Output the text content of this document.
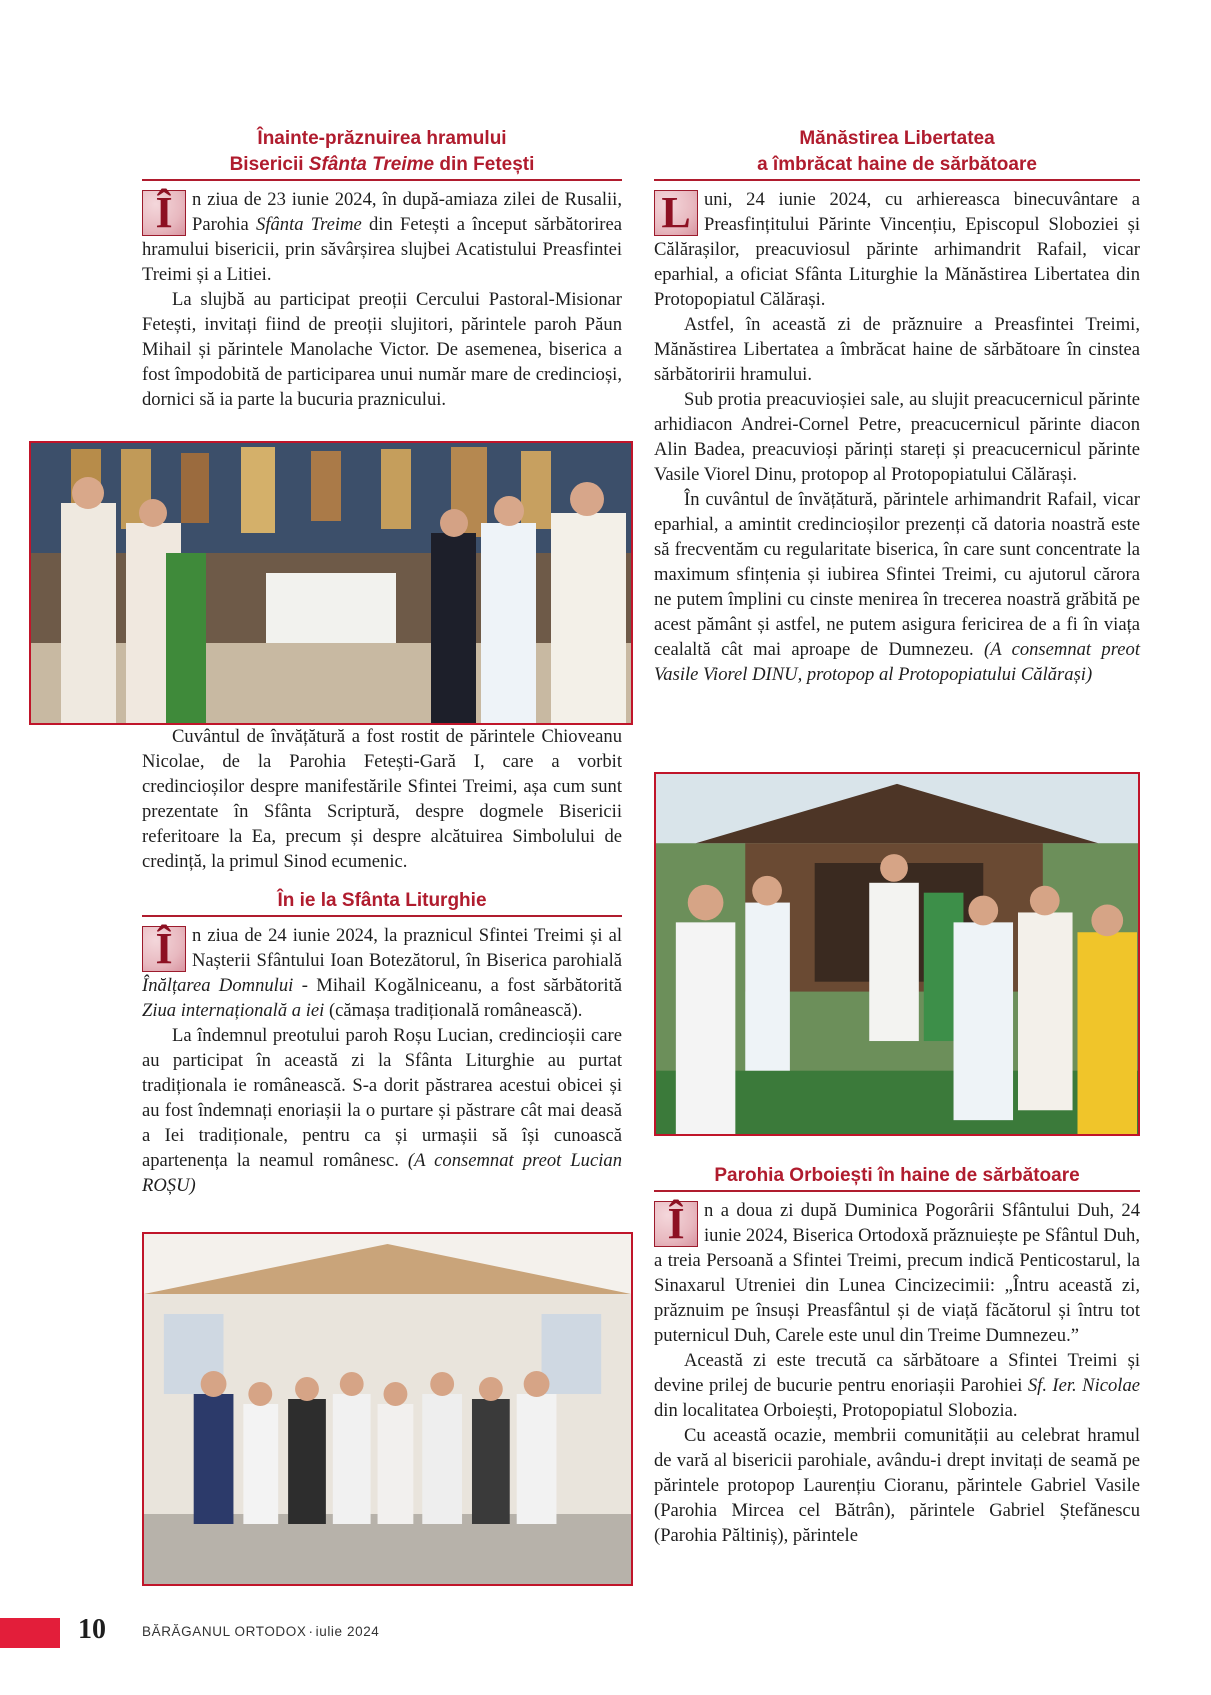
Înainte-prăznuirea hramului
Bisericii Sfânta Treime din Fetești

Î	n ziua de 23 iunie 2024, în după-amiaza zilei de Rusalii, Parohia Sfânta Treime din Fetești a început sărbătorirea hramului bisericii, prin săvârșirea slujbei Acatistului Preasfintei Treimi și a Litiei.

La slujbă au participat preoții Cercului Pastoral-Misionar Fetești, invitați fiind de preoții slujitori, părintele paroh Păun Mihail și părintele Manolache Victor. De asemenea, biserica a fost împodobită de participarea unui număr mare de credincioși, dornici să ia parte la bucuria praznicului.

Cuvântul de învățătură a fost rostit de părintele Chioveanu Nicolae, de la Parohia Fetești-Gară I, care a vorbit credincioșilor despre manifestările Sfintei Treimi, așa cum sunt prezentate în Sfânta Scriptură, despre dogmele Bisericii referitoare la Ea, precum și despre alcătuirea Simbolului de credință, la primul Sinod ecumenic.

În ie la Sfânta Liturghie

Î	n ziua de 24 iunie 2024, la praznicul Sfintei Treimi și al Nașterii Sfântului Ioan Botezătorul, în Biserica parohială Înălțarea Domnului - Mihail Kogălniceanu, a fost sărbătorită Ziua internațională a iei (cămașa tradițională românească).

La îndemnul preotului paroh Roșu Lucian, credincioșii care au participat în această zi la Sfânta Liturghie au purtat tradiționala ie românească. S-a dorit păstrarea acestui obicei și au fost îndemnați enoriașii la o purtare și păstrare cât mai deasă a Iei tradiționale, pentru ca și urmașii să își cunoască apartenența la neamul românesc. (A consemnat preot Lucian ROȘU)

Mănăstirea Libertatea
a îmbrăcat haine de sărbătoare

L uni, 24 iunie 2024, cu arhiereasca binecuvântare a Preasfințitului Părinte Vincențiu, Episcopul Sloboziei și Călărașilor, preacuviosul părinte arhimandrit Rafail, vicar eparhial, a oficiat Sfânta Liturghie la Mănăstirea Libertatea din Protopopiatul Călărași.

Astfel, în această zi de prăznuire a Preasfintei Treimi, Mănăstirea Libertatea a îmbrăcat haine de sărbătoare în cinstea sărbătoririi hramului.

Sub protia preacuvioșiei sale, au slujit preacucernicul părinte arhidiacon Andrei-Cornel Petre, preacucernicul părinte diacon Alin Badea, preacuvioși părinți stareți și preacucernicul părinte Vasile Viorel Dinu, protopop al Protopopiatului Călărași.

În cuvântul de învățătură, părintele arhimandrit Rafail, vicar eparhial, a amintit credincioșilor prezenți că datoria noastră este să frecventăm cu regularitate biserica, în care sunt concentrate la maximum sfințenia și iubirea Sfintei Treimi, cu ajutorul cărora ne putem împlini cu cinste menirea în trecerea noastră grăbită pe acest pământ și astfel, ne putem asigura fericirea de a fi în viața cealaltă cât mai aproape de Dumnezeu. (A consemnat preot Vasile Viorel DINU, protopop al Protopopiatului Călărași)

Parohia Orboiești în haine de sărbătoare

Î	n a doua zi după Duminica Pogorârii Sfântului Duh, 24 iunie 2024, Biserica Ortodoxă prăznuiește pe Sfântul Duh, a treia Persoană a Sfintei Treimi, precum indică Penticostarul, la Sinaxarul Utreniei din Lunea Cincizecimii: „Întru această zi, prăznuim pe însuși Preasfântul și de viață făcătorul și întru tot puternicul Duh, Carele este unul din Treime Dumnezeu.”

Această zi este trecută ca sărbătoare a Sfintei Treimi și devine prilej de bucurie pentru enoriașii Parohiei Sf. Ier. Nicolae din localitatea Orboiești, Protopopiatul Slobozia.

Cu această ocazie, membrii comunității au celebrat hramul de vară al bisericii parohiale, avându-i drept invitați de seamă pe părintele protopop Laurențiu Cioranu, părintele Gabriel Vasile (Parohia Mircea cel Bătrân), părintele Gabriel Ștefănescu (Parohia Păltiniș), părintele

10	BĂRĂGANUL ORTODOX · iulie 2024
